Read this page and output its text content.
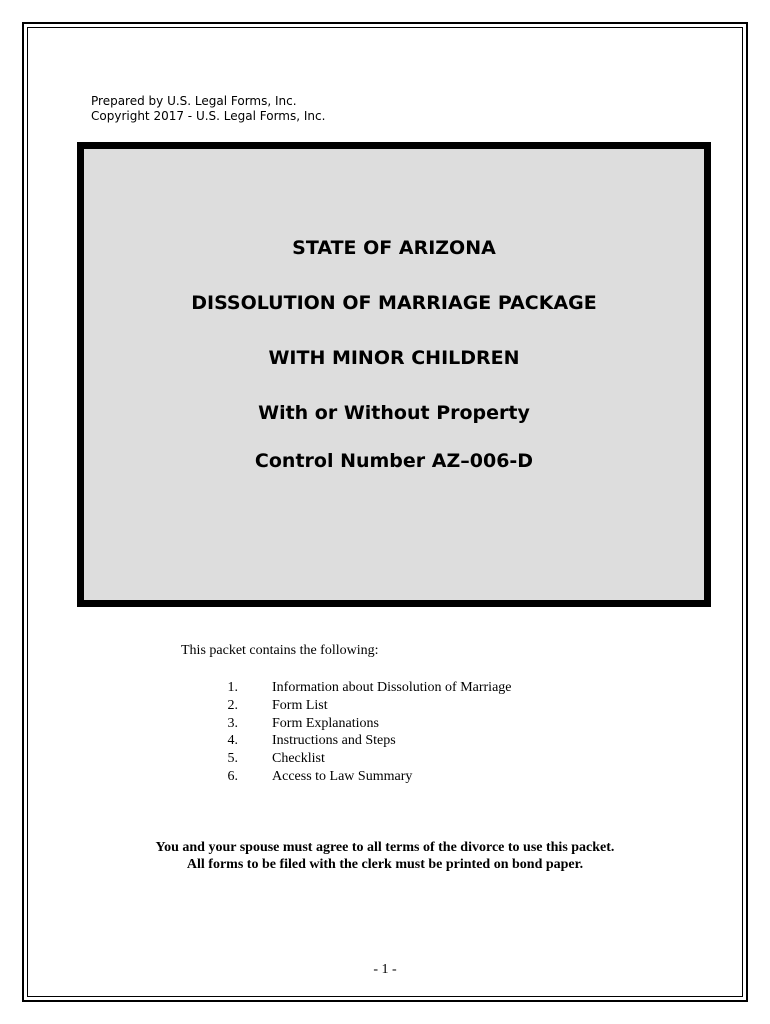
Prepared by U.S. Legal Forms, Inc.
Copyright 2017 - U.S. Legal Forms, Inc.
STATE OF ARIZONA
DISSOLUTION OF MARRIAGE PACKAGE
WITH MINOR CHILDREN
With or Without Property
Control Number AZ–006-D
This packet contains the following:
1. Information about Dissolution of Marriage
2. Form List
3. Form Explanations
4. Instructions and Steps
5. Checklist
6. Access to Law Summary
You and your spouse must agree to all terms of the divorce to use this packet.
All forms to be filed with the clerk must be printed on bond paper.
- 1 -
